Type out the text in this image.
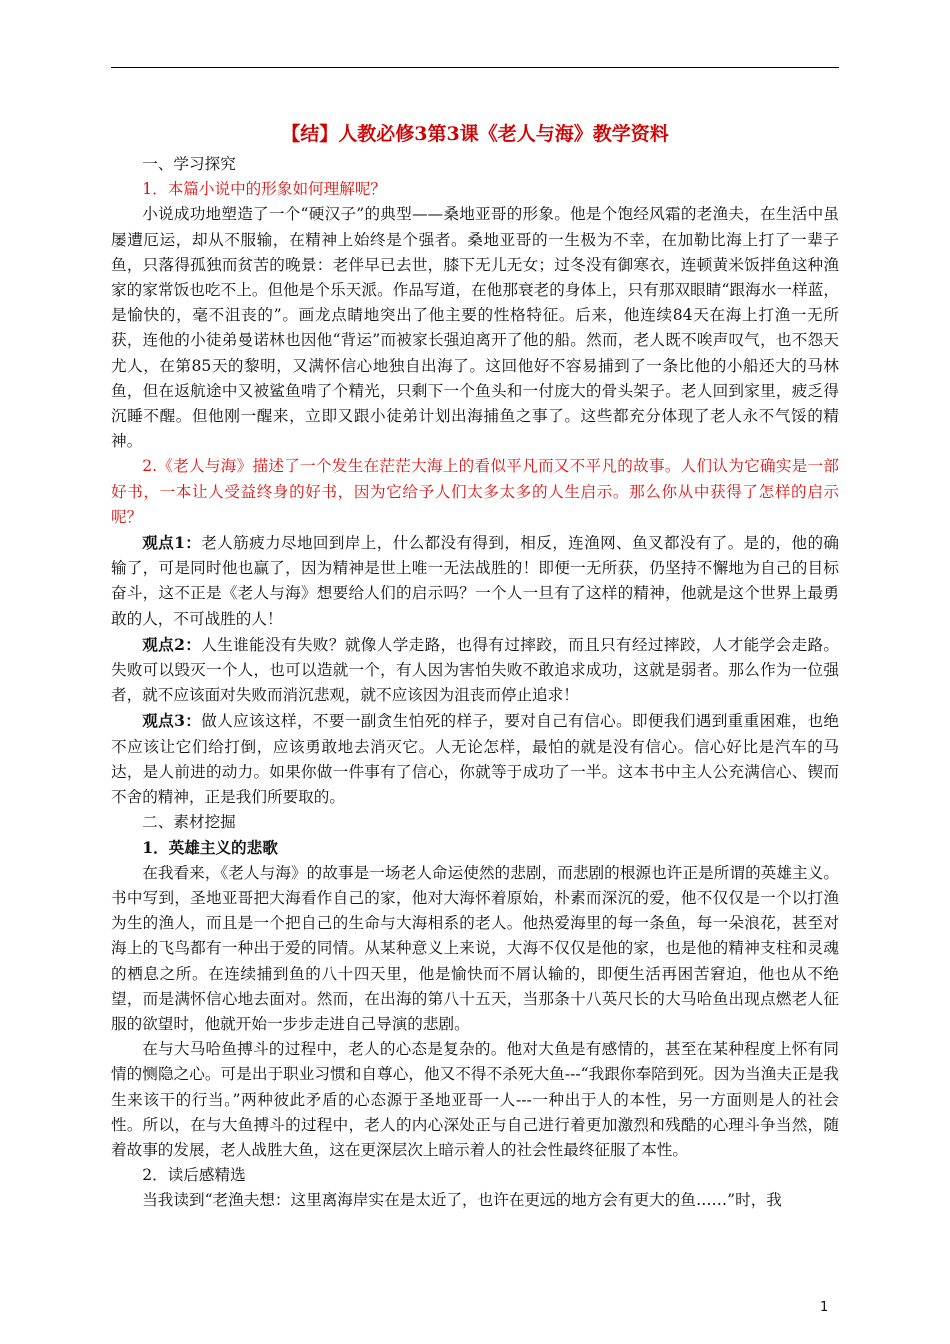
【结】人教必修3第3课《老人与海》教学资料

一、学习探究

1．本篇小说中的形象如何理解呢？

小说成功地塑造了一个“硬汉子”的典型——桑地亚哥的形象。他是个饱经风霜的老渔夫，在生活中虽屡遭厄运，却从不服输，在精神上始终是个强者。桑地亚哥的一生极为不幸，在加勒比海上打了一辈子鱼，只落得孤独而贫苦的晚景：老伴早已去世，膝下无儿无女；过冬没有御寒衣，连顿黄米饭拌鱼这种渔家的家常饭也吃不上。但他是个乐天派。作品写道，在他那衰老的身体上，只有那双眼睛“跟海水一样蓝，是愉快的，毫不沮丧的”。画龙点睛地突出了他主要的性格特征。后来，他连续84天在海上打渔一无所获，连他的小徒弟曼诺林也因他“背运”而被家长强迫离开了他的船。然而，老人既不唉声叹气，也不怨天尤人，在第85天的黎明，又满怀信心地独自出海了。这回他好不容易捕到了一条比他的小船还大的马林鱼，但在返航途中又被鲨鱼啃了个精光，只剩下一个鱼头和一付庞大的骨头架子。老人回到家里，疲乏得沉睡不醒。但他刚一醒来，立即又跟小徒弟计划出海捕鱼之事了。这些都充分体现了老人永不气馁的精神。

2.《老人与海》描述了一个发生在茫茫大海上的看似平凡而又不平凡的故事。人们认为它确实是一部好书，一本让人受益终身的好书，因为它给予人们太多太多的人生启示。那么你从中获得了怎样的启示呢？

观点1：老人筋疲力尽地回到岸上，什么都没有得到，相反，连渔网、鱼叉都没有了。是的，他的确输了，可是同时他也赢了，因为精神是世上唯一无法战胜的！即便一无所获，仍坚持不懈地为自己的目标奋斗，这不正是《老人与海》想要给人们的启示吗？一个人一旦有了这样的精神，他就是这个世界上最勇敢的人，不可战胜的人！

观点2：人生谁能没有失败？就像人学走路，也得有过摔跤，而且只有经过摔跤，人才能学会走路。失败可以毁灭一个人，也可以造就一个，有人因为害怕失败不敢追求成功，这就是弱者。那么作为一位强者，就不应该面对失败而消沉悲观，就不应该因为沮丧而停止追求！

观点3：做人应该这样，不要一副贪生怕死的样子，要对自己有信心。即便我们遇到重重困难，也绝不应该让它们给打倒，应该勇敢地去消灭它。人无论怎样，最怕的就是没有信心。信心好比是汽车的马达，是人前进的动力。如果你做一件事有了信心，你就等于成功了一半。这本书中主人公充满信心、锲而不舍的精神，正是我们所要取的。

二、素材挖掘

1．英雄主义的悲歌

在我看来，《老人与海》的故事是一场老人命运使然的悲剧，而悲剧的根源也许正是所谓的英雄主义。书中写到，圣地亚哥把大海看作自己的家，他对大海怀着原始，朴素而深沉的爱，他不仅仅是一个以打渔为生的渔人，而且是一个把自己的生命与大海相系的老人。他热爱海里的每一条鱼，每一朵浪花，甚至对海上的飞鸟都有一种出于爱的同情。从某种意义上来说，大海不仅仅是他的家，也是他的精神支柱和灵魂的栖息之所。在连续捕到鱼的八十四天里，他是愉快而不屑认输的，即便生活再困苦窘迫，他也从不绝望，而是满怀信心地去面对。然而，在出海的第八十五天，当那条十八英尺长的大马哈鱼出现点燃老人征服的欲望时，他就开始一步步走进自己导演的悲剧。

在与大马哈鱼搏斗的过程中，老人的心态是复杂的。他对大鱼是有感情的，甚至在某种程度上怀有同情的恻隐之心。可是出于职业习惯和自尊心，他又不得不杀死大鱼---“我跟你奉陪到死。因为当渔夫正是我生来该干的行当。”两种彼此矛盾的心态源于圣地亚哥一人---一种出于人的本性，另一方面则是人的社会性。所以，在与大鱼搏斗的过程中，老人的内心深处正与自己进行着更加激烈和残酷的心理斗争当然，随着故事的发展，老人战胜大鱼，这在更深层次上暗示着人的社会性最终征服了本性。

2．读后感精选

当我读到“老渔夫想：这里离海岸实在是太近了，也许在更远的地方会有更大的鱼……”时，我

1
